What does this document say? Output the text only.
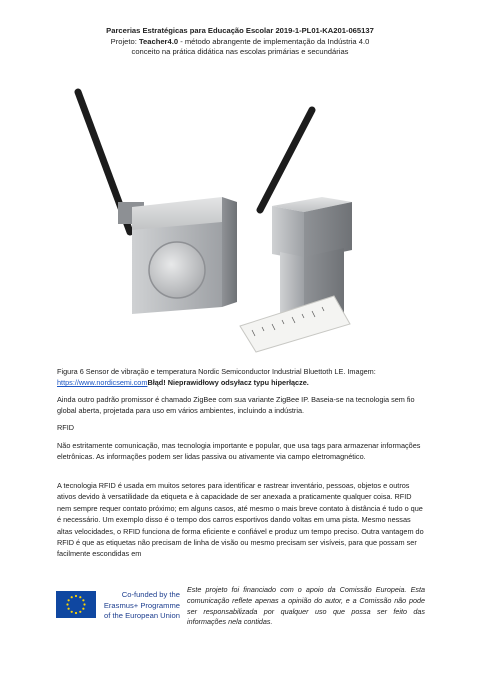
Parcerias Estratégicas para Educação Escolar 2019-1-PL01-KA201-065137
Projeto: Teacher4.0 - método abrangente de implementação da Indústria 4.0
conceito na prática didática nas escolas primárias e secundárias
Figura 6 Sensor de vibração e temperatura Nordic Semiconductor Industrial Bluettoth LE. Imagem:
https://www.nordicsemi.comBłąd! Nieprawidłowy odsyłacz typu hiperłącze.
Ainda outro padrão promissor é chamado ZigBee com sua variante ZigBee IP. Baseia-se na tecnologia sem fio global aberta, projetada para uso em vários ambientes, incluindo a indústria.
RFID
Não estritamente comunicação, mas tecnologia importante e popular, que usa tags para armazenar informações eletrônicas. As informações podem ser lidas passiva ou ativamente via campo eletromagnético.
A tecnologia RFID é usada em muitos setores para identificar e rastrear inventário, pessoas, objetos e outros ativos devido à versatilidade da etiqueta e à capacidade de ser anexada a praticamente qualquer coisa. RFID nem sempre requer contato próximo; em alguns casos, até mesmo o mais breve contato à distância é tudo o que é necessário. Um exemplo disso é o tempo dos carros esportivos dando voltas em uma pista. Mesmo nessas altas velocidades, o RFID funciona de forma eficiente e confiável e produz um tempo preciso. Outra vantagem do RFID é que as etiquetas não precisam de linha de visão ou mesmo precisam ser visíveis, para que possam ser facilmente escondidas em
Co-funded by the
Erasmus+ Programme
of the European Union
Este projeto foi financiado com o apoio da Comissão Europeia. Esta comunicação reflete apenas a opinião do autor, e a Comissão não pode ser responsabilizada por qualquer uso que possa ser feito das informações nela contidas.
